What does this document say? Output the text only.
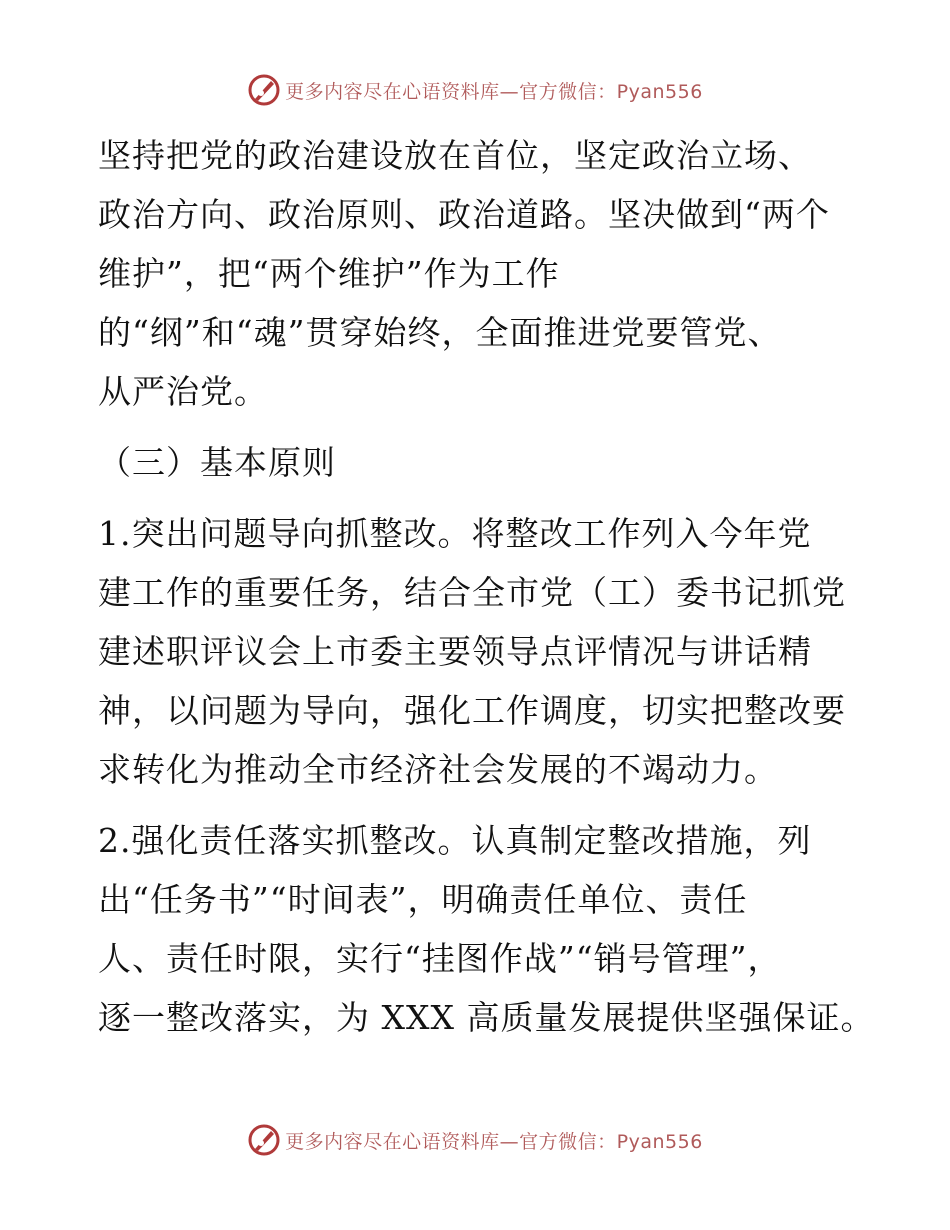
更多内容尽在心语资料库—官方微信：Pyan556
坚持把党的政治建设放在首位，坚定政治立场、
政治方向、政治原则、政治道路。坚决做到“两个
维护”，把“两个维护”作为工作
的“纲”和“魂”贯穿始终，全面推进党要管党、
从严治党。
（三）基本原则
1.突出问题导向抓整改。将整改工作列入今年党
建工作的重要任务，结合全市党（工）委书记抓党
建述职评议会上市委主要领导点评情况与讲话精
神，以问题为导向，强化工作调度，切实把整改要
求转化为推动全市经济社会发展的不竭动力。
2.强化责任落实抓整改。认真制定整改措施，列
出“任务书”“时间表”，明确责任单位、责任
人、责任时限，实行“挂图作战”“销号管理”，
逐一整改落实，为 XXX 高质量发展提供坚强保证。
更多内容尽在心语资料库—官方微信：Pyan556
